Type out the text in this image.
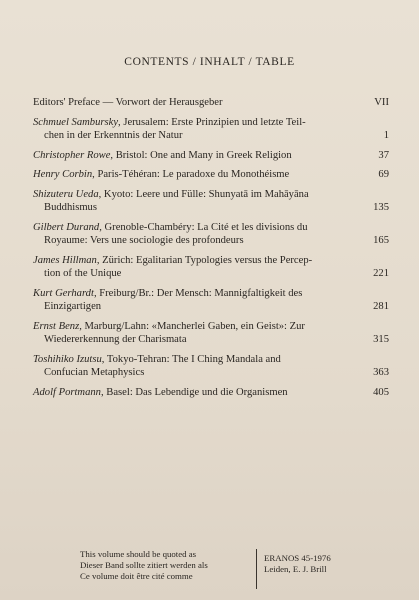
CONTENTS / INHALT / TABLE
Editors' Preface — Vorwort der Herausgeber	VII
Schmuel Sambursky, Jerusalem: Erste Prinzipien und letzte Teil-
chen in der Erkenntnis der Natur	1
Christopher Rowe, Bristol: One and Many in Greek Religion	37
Henry Corbin, Paris-Téhéran: Le paradoxe du Monothéisme	69
Shizuteru Ueda, Kyoto: Leere und Fülle: Shunyatā im Mahāyāna
Buddhismus	135
Gilbert Durand, Grenoble-Chambéry: La Cité et les divisions du
Royaume: Vers une sociologie des profondeurs	165
James Hillman, Zürich: Egalitarian Typologies versus the Percep-
tion of the Unique	221
Kurt Gerhardt, Freiburg/Br.: Der Mensch: Mannigfaltigkeit des
Einzigartigen	281
Ernst Benz, Marburg/Lahn: «Mancherlei Gaben, ein Geist»: Zur
Wiedererkennung der Charismata	315
Toshihiko Izutsu, Tokyo-Tehran: The I Ching Mandala and
Confucian Metaphysics	363
Adolf Portmann, Basel: Das Lebendige und die Organismen	405
This volume should be quoted as
Dieser Band sollte zitiert werden als
Ce volume doit être cité comme
ERANOS 45-1976
Leiden, E. J. Brill
